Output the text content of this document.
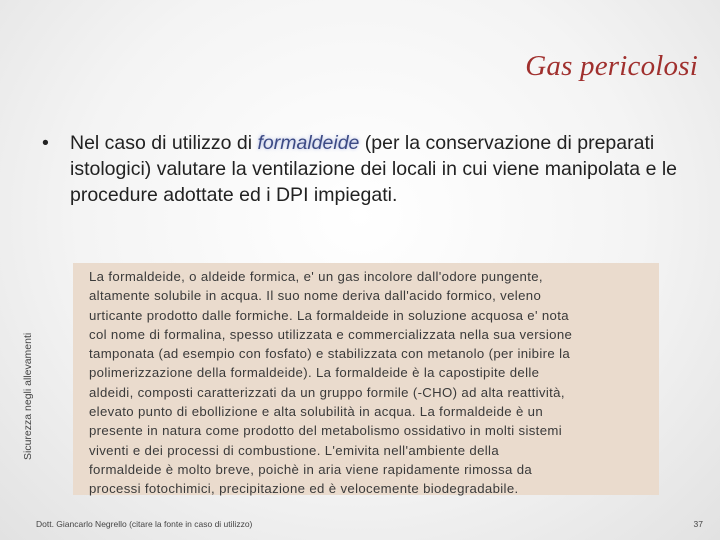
Gas pericolosi
Sicurezza negli allevamenti
•	Nel caso di utilizzo di formaldeide (per la conservazione di preparati istologici) valutare la ventilazione dei locali in cui viene manipolata e le procedure adottate ed i DPI impiegati.
La formaldeide, o aldeide formica, e' un gas incolore dall'odore pungente,
altamente solubile in acqua. Il suo nome deriva dall'acido formico, veleno
urticante prodotto dalle formiche. La formaldeide in soluzione acquosa e' nota
col nome di formalina, spesso utilizzata e commercializzata nella sua versione
tamponata (ad esempio con fosfato) e stabilizzata con metanolo (per inibire la
polimerizzazione della formaldeide). La formaldeide è la capostipite delle
aldeidi, composti caratterizzati da un gruppo formile (-CHO) ad alta reattività,
elevato punto di ebollizione e alta solubilità in acqua. La formaldeide è un
presente in natura come prodotto del metabolismo ossidativo in molti sistemi
viventi e dei processi di combustione. L'emivita nell'ambiente della
formaldeide è molto breve, poichè in aria viene rapidamente rimossa da
processi fotochimici, precipitazione ed è velocemente biodegradabile.
Dott. Giancarlo Negrello (citare la fonte in caso di utilizzo)	37
